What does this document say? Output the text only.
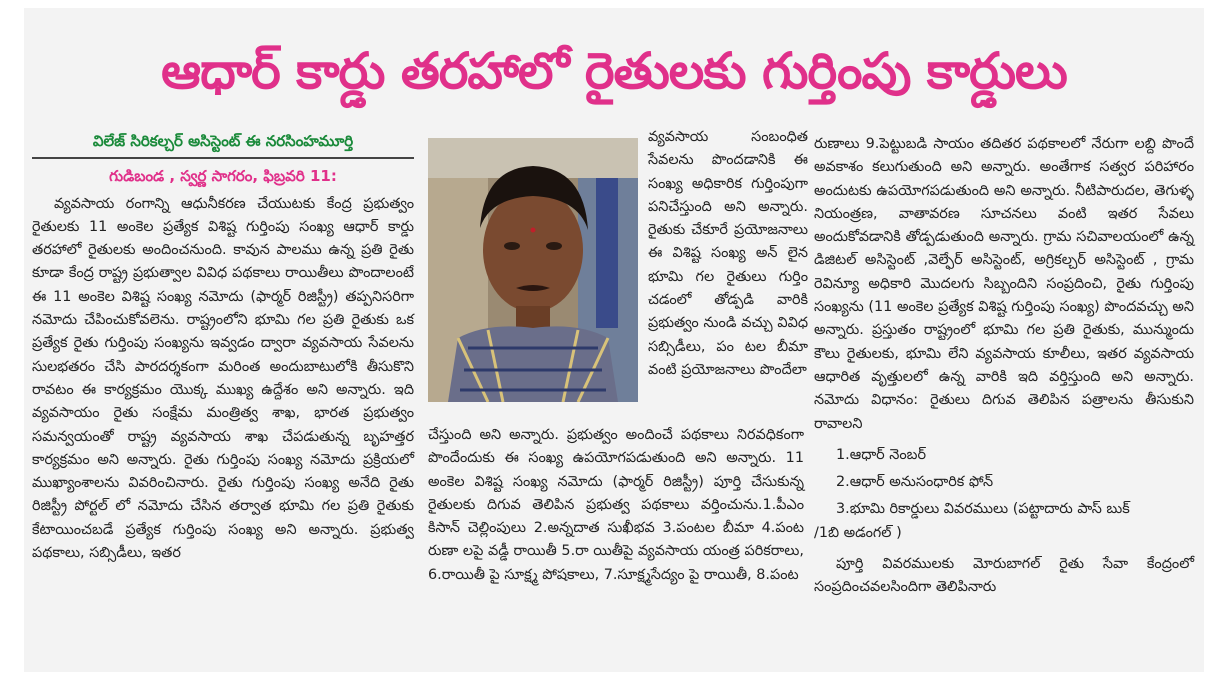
ఆధార్ కార్డు తరహాలో రైతులకు గుర్తింపు కార్డులు
విలేజ్ సిరికల్చర్ అసిస్టెంట్ ఈ నరసింహమూర్తి
గుడిబండ , స్వర్ణ సాగరం, ఫిబ్రవరి 11:

వ్యవసాయ రంగాన్ని ఆధునీకరణ చేయుటకు కేంద్ర ప్రభుత్వం రైతులకు 11 అంకెల ప్రత్యేక విశిష్ట గుర్తింపు సంఖ్య ఆధార్ కార్డు తరహాలో రైతులకు అందించనుంది. కావున పాలము ఉన్న ప్రతి రైతు కూడా కేంద్ర రాష్ట్ర ప్రభుత్వాల వివిధ పథకాలు రాయితీలు పొందాలంటే ఈ 11 అంకెల విశిష్ట సంఖ్య నమోదు (ఫార్మర్ రిజిస్ట్రీ) తప్పనిసరిగా నమోదు చేపించుకోవలెను. రాష్ట్రంలోని భూమి గల ప్రతి రైతుకు ఒక ప్రత్యేక రైతు గుర్తింపు సంఖ్యను ఇవ్వడం ద్వారా వ్యవసాయ సేవలను సులభతరం చేసి పారదర్శకంగా మరింత అందుబాటులోకి తీసుకొని రావటం ఈ కార్యక్రమం యొక్క ముఖ్య ఉద్దేశం అని అన్నారు. ఇది వ్యవసాయం రైతు సంక్షేమ మంత్రిత్వ శాఖ, భారత ప్రభుత్వం సమన్వయంతో రాష్ట్ర వ్యవసాయ శాఖ చేపడుతున్న బృహత్తర కార్యక్రమం అని అన్నారు. రైతు గుర్తింపు సంఖ్య నమోదు ప్రక్రియలో ముఖ్యాంశాలను వివరించినారు. రైతు గుర్తింపు సంఖ్య అనేది రైతు రిజిస్ట్రీ పోర్టల్ లో నమోదు చేసిన తర్వాత భూమి గల ప్రతి రైతుకు కేటాయించబడే ప్రత్యేక గుర్తింపు సంఖ్య అని అన్నారు. ప్రభుత్వ పథకాలు, సబ్సిడీలు, ఇతర

వ్యవసాయ సంబంధిత సేవలను పొందడానికి ఈ సంఖ్య అధికారిక గుర్తింపుగా పనిచేస్తుంది అని అన్నారు. రైతుకు చేకూరే ప్రయోజనాలు ఈ విశిష్ట సంఖ్య అన్ లైన భూమి గల రైతులు గుర్తిం చడంలో తోడ్పడి వారికి ప్రభుత్వం నుండి వచ్చు వివిధ సబ్సిడీలు, పం టల బీమా వంటి ప్రయోజనాలు పొందేలా

చేస్తుంది అని అన్నారు. ప్రభుత్వం అందించే పథకాలు నిరవధికంగా పొందేందుకు ఈ సంఖ్య ఉపయోగపడుతుంది అని అన్నారు. 11 అంకెల విశిష్ట సంఖ్య నమోదు (ఫార్మర్ రిజిస్ట్రీ) పూర్తి చేసుకున్న రైతులకు దిగువ తెలిపిన ప్రభుత్వ పథకాలు వర్తించును.1.పీఎం కిసాన్ చెల్లింపులు 2.అన్నదాత సుఖీభవ 3.పంటల బీమా 4.పంట రుణా లపై వడ్డీ రాయితీ 5.రా యితీపై వ్యవసాయ యంత్ర పరికరాలు, 6.రాయితీ పై సూక్ష్మ పోషకాలు, 7.సూక్ష్మసేద్యం పై రాయితీ, 8.పంట

రుణాలు 9.పెట్టుబడి సాయం తదితర పథకాలలో నేరుగా లబ్ది పొందే అవకాశం కలుగుతుంది అని అన్నారు. అంతేగాక సత్వర పరిహారం అందుటకు ఉపయోగపడుతుంది అని అన్నారు. నీటిపారుదల, తెగుళ్ళ నియంత్రణ, వాతావరణ సూచనలు వంటి ఇతర సేవలు అందుకోవడానికి తోడ్పడుతుంది అన్నారు. గ్రామ సచివాలయంలో ఉన్న డిజిటల్ అసిస్టెంట్ ,వెల్ఫేర్ అసిస్టెంట్, అగ్రికల్చర్ అసిస్టెంట్ , గ్రామ రెవిన్యూ అధికారి మొదలగు సిబ్బందిని సంప్రదించి, రైతు గుర్తింపు సంఖ్యను (11 అంకెల ప్రత్యేక విశిష్ట గుర్తింపు సంఖ్య) పొందవచ్చు అని అన్నారు. ప్రస్తుతం రాష్ట్రంలో భూమి గల ప్రతి రైతుకు, మున్ముందు కౌలు రైతులకు, భూమి లేని వ్యవసాయ కూలీలు, ఇతర వ్యవసాయ ఆధారిత వృత్తులలో ఉన్న వారికి ఇది వర్తిస్తుంది అని అన్నారు. నమోదు విధానం: రైతులు దిగువ తెలిపిన పత్రాలను తీసుకుని రావాలని

1.ఆధార్ నెంబర్

2.ఆధార్ అనుసంధారిక ఫోన్

3.భూమి రికార్డులు వివరములు (పట్టాదారు పాస్ బుక్

/1బి అడంగల్ )

పూర్తి వివరములకు మోరుబాగల్ రైతు సేవా కేంద్రంలో సంప్రదించవలసిందిగా తెలిపినారు
